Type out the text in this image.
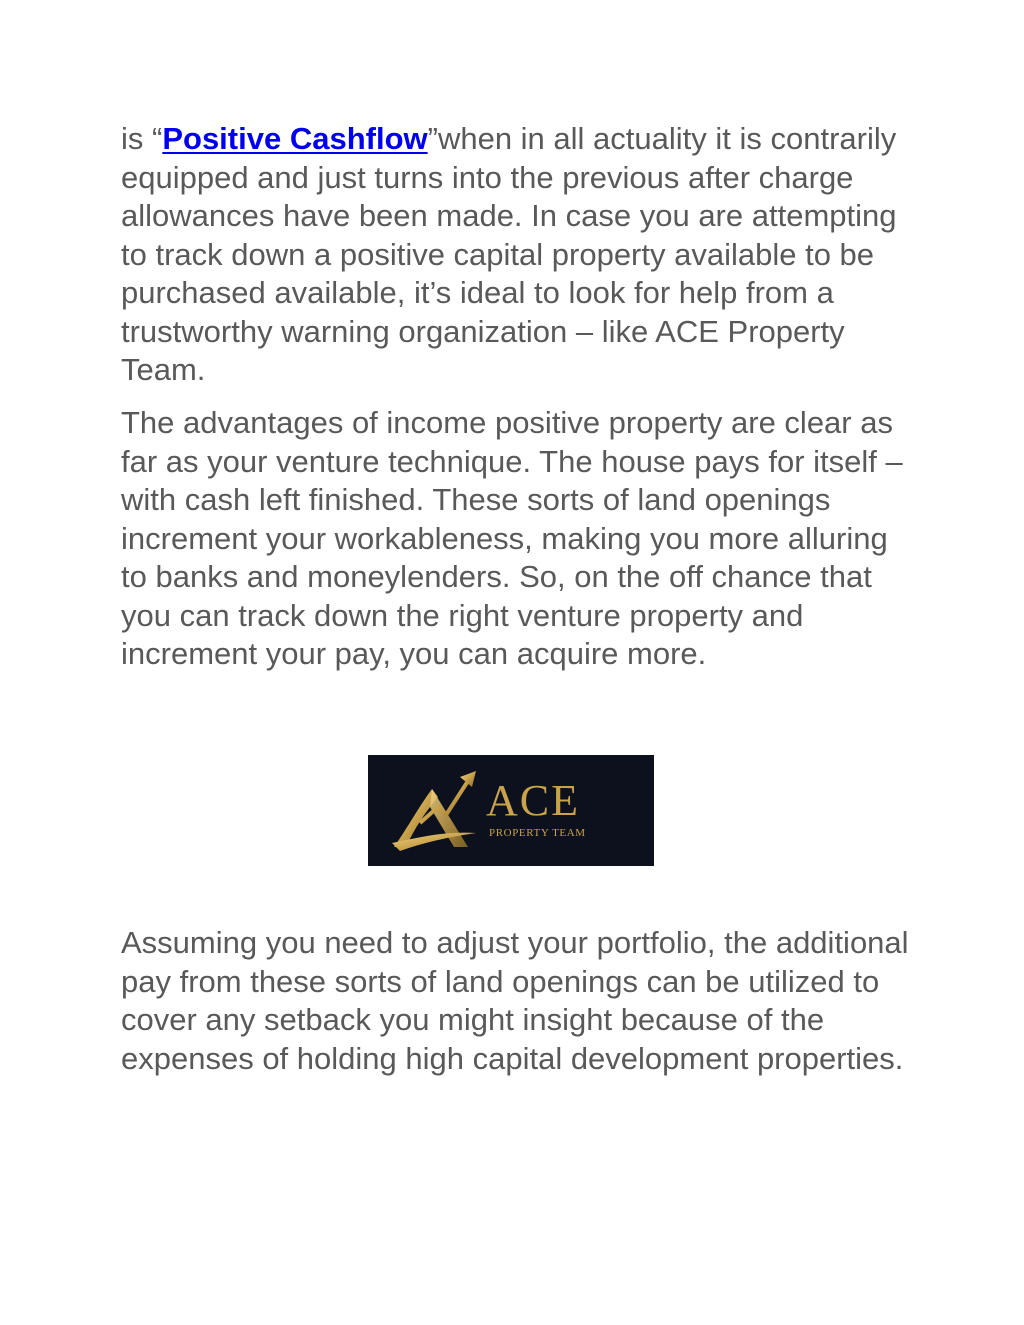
is “Positive Cashflow”when in all actuality it is contrarily equipped and just turns into the previous after charge allowances have been made. In case you are attempting to track down a positive capital property available to be purchased available, it’s ideal to look for help from a trustworthy warning organization – like ACE Property Team.

The advantages of income positive property are clear as far as your venture technique. The house pays for itself – with cash left finished. These sorts of land openings increment your workableness, making you more alluring to banks and moneylenders. So, on the off chance that you can track down the right venture property and increment your pay, you can acquire more.

ACE
PROPERTY TEAM

Assuming you need to adjust your portfolio, the additional pay from these sorts of land openings can be utilized to cover any setback you might insight because of the expenses of holding high capital development properties.
